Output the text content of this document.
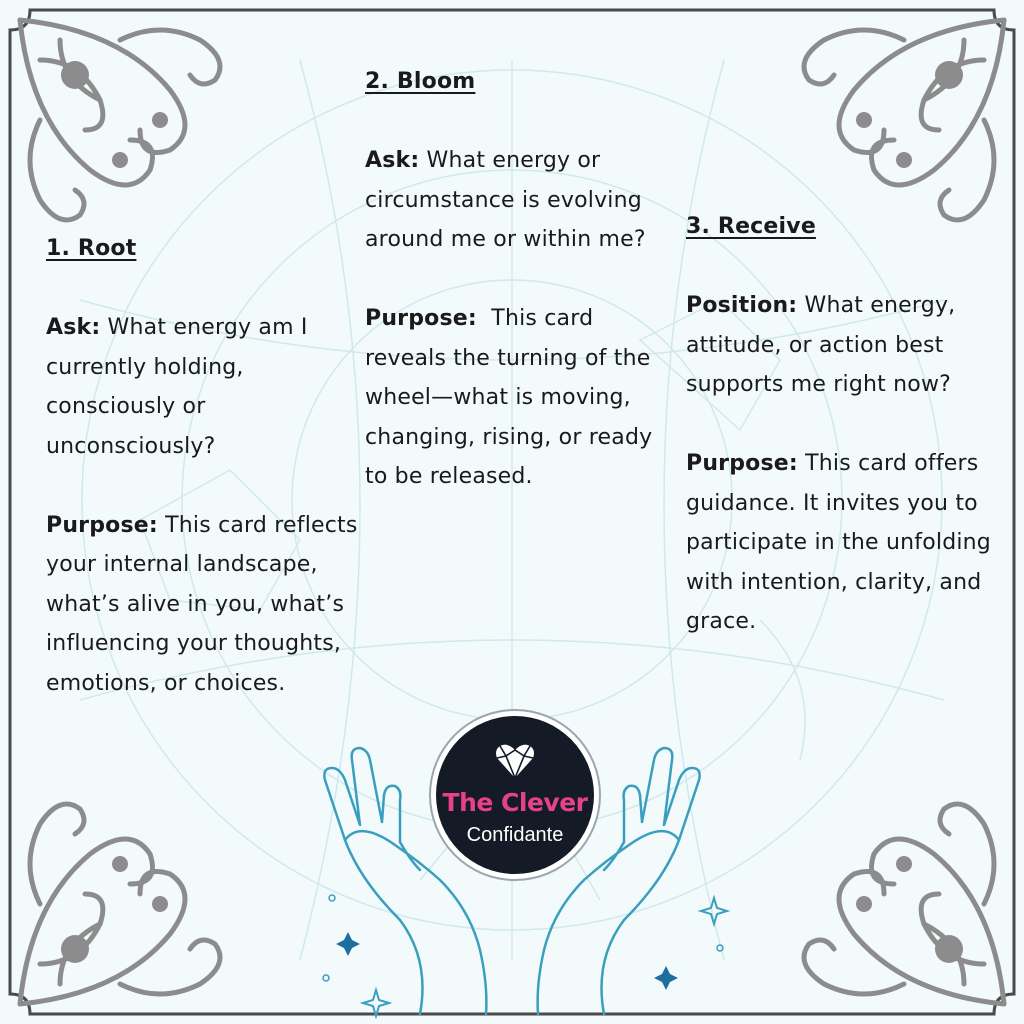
1. Root

Ask: What energy am I currently holding, consciously or unconsciously?

Purpose: This card reflects your internal landscape, what’s alive in you, what’s influencing your thoughts, emotions, or choices.

2. Bloom

Ask: What energy or circumstance is evolving around me or within me?

Purpose:  This card reveals the turning of the wheel—what is moving, changing, rising, or ready to be released.

3. Receive

Position: What energy, attitude, or action best supports me right now?

Purpose: This card offers guidance. It invites you to participate in the unfolding with intention, clarity, and grace.

The Clever
Confidante
